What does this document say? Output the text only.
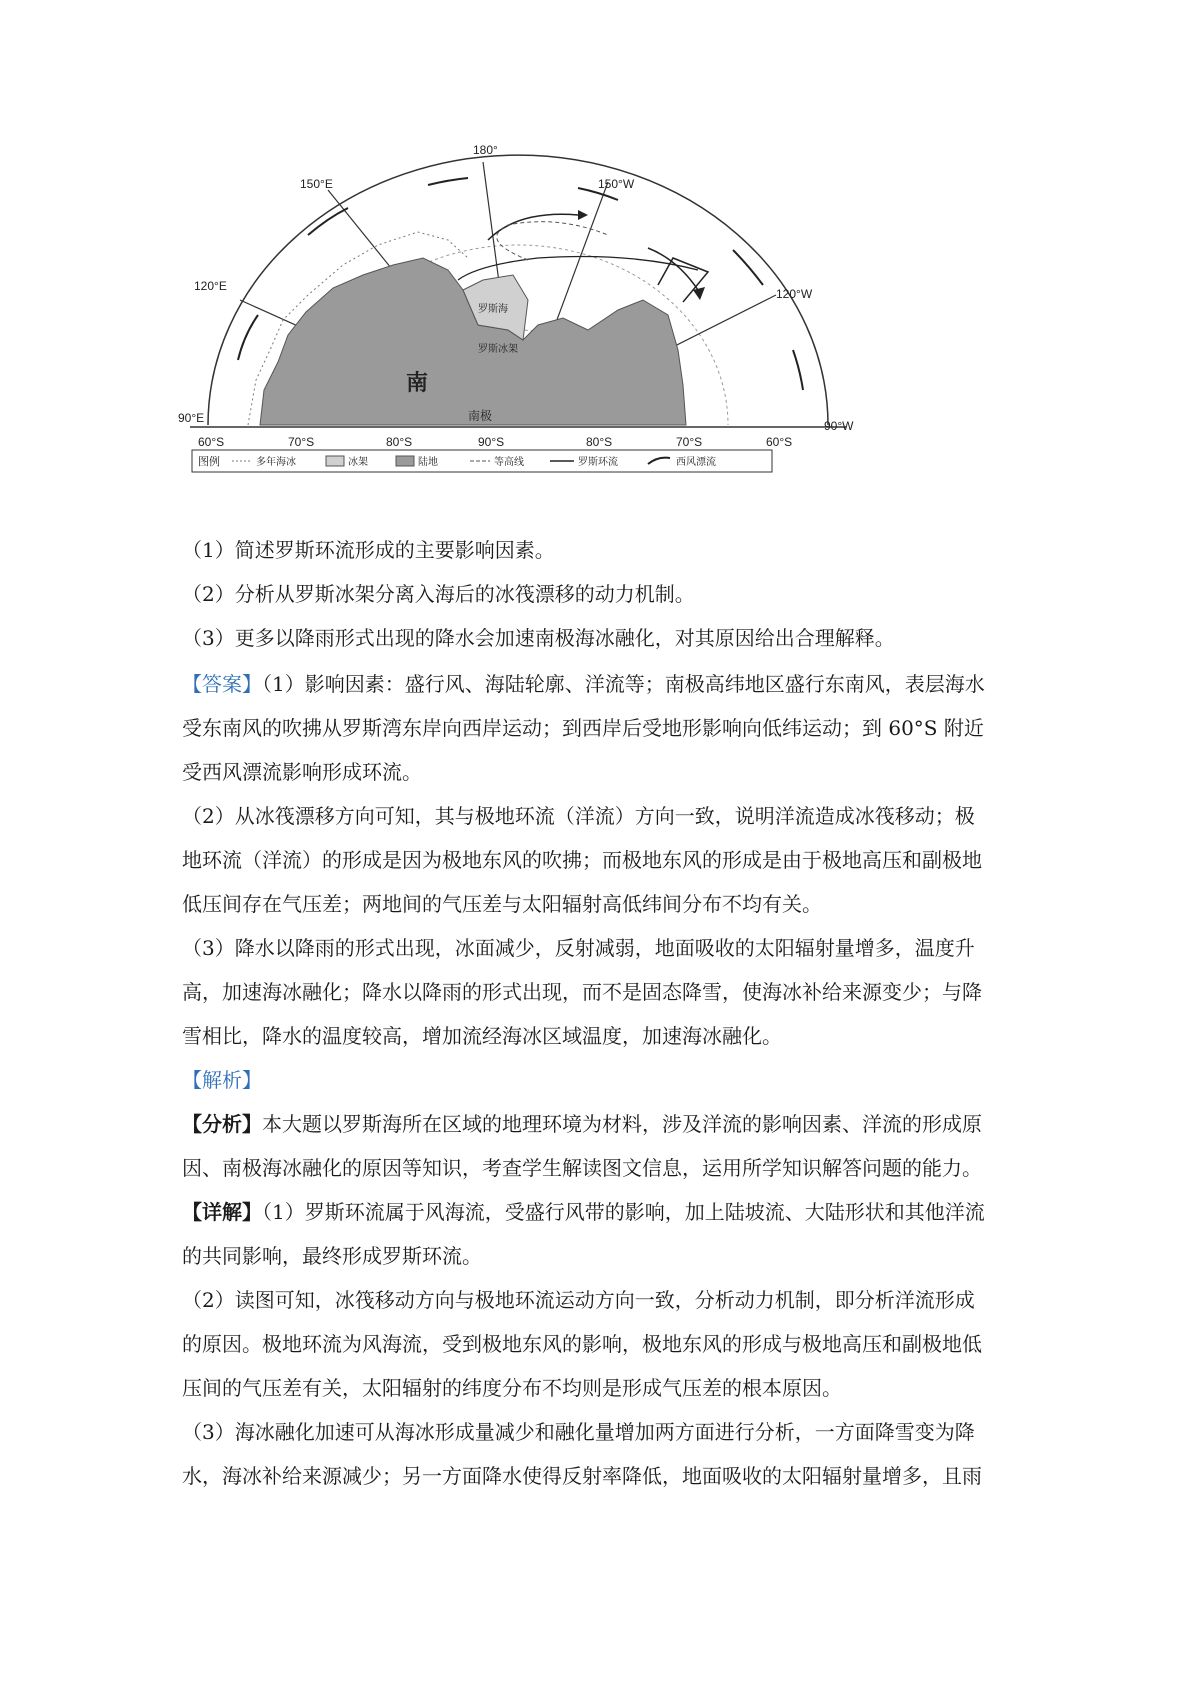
180°
150°E	150°W
120°E
120°W
90°E
90°W
60°S	70°S	80°S	90°S	80°S	70°S	60°S
南
罗斯海
罗斯冰架
南极
图例	多年海冰	冰架	陆地	等高线	罗斯环流	西风漂流

（1）简述罗斯环流形成的主要影响因素。

（2）分析从罗斯冰架分离入海后的冰筏漂移的动力机制。

（3）更多以降雨形式出现的降水会加速南极海冰融化，对其原因给出合理解释。

【答案】（1）影响因素：盛行风、海陆轮廓、洋流等；南极高纬地区盛行东南风，表层海水
受东南风的吹拂从罗斯湾东岸向西岸运动；到西岸后受地形影响向低纬运动；到 60°S 附近
受西风漂流影响形成环流。

（2）从冰筏漂移方向可知，其与极地环流（洋流）方向一致，说明洋流造成冰筏移动；极
地环流（洋流）的形成是因为极地东风的吹拂；而极地东风的形成是由于极地高压和副极地
低压间存在气压差；两地间的气压差与太阳辐射高低纬间分布不均有关。

（3）降水以降雨的形式出现，冰面减少，反射减弱，地面吸收的太阳辐射量增多，温度升
高，加速海冰融化；降水以降雨的形式出现，而不是固态降雪，使海冰补给来源变少；与降
雪相比，降水的温度较高，增加流经海冰区域温度，加速海冰融化。

【解析】

【分析】本大题以罗斯海所在区域的地理环境为材料，涉及洋流的影响因素、洋流的形成原
因、南极海冰融化的原因等知识，考查学生解读图文信息，运用所学知识解答问题的能力。

【详解】（1）罗斯环流属于风海流，受盛行风带的影响，加上陆坡流、大陆形状和其他洋流
的共同影响，最终形成罗斯环流。

（2）读图可知，冰筏移动方向与极地环流运动方向一致，分析动力机制，即分析洋流形成
的原因。极地环流为风海流，受到极地东风的影响，极地东风的形成与极地高压和副极地低
压间的气压差有关，太阳辐射的纬度分布不均则是形成气压差的根本原因。

（3）海冰融化加速可从海冰形成量减少和融化量增加两方面进行分析，一方面降雪变为降
水，海冰补给来源减少；另一方面降水使得反射率降低，地面吸收的太阳辐射量增多，且雨
